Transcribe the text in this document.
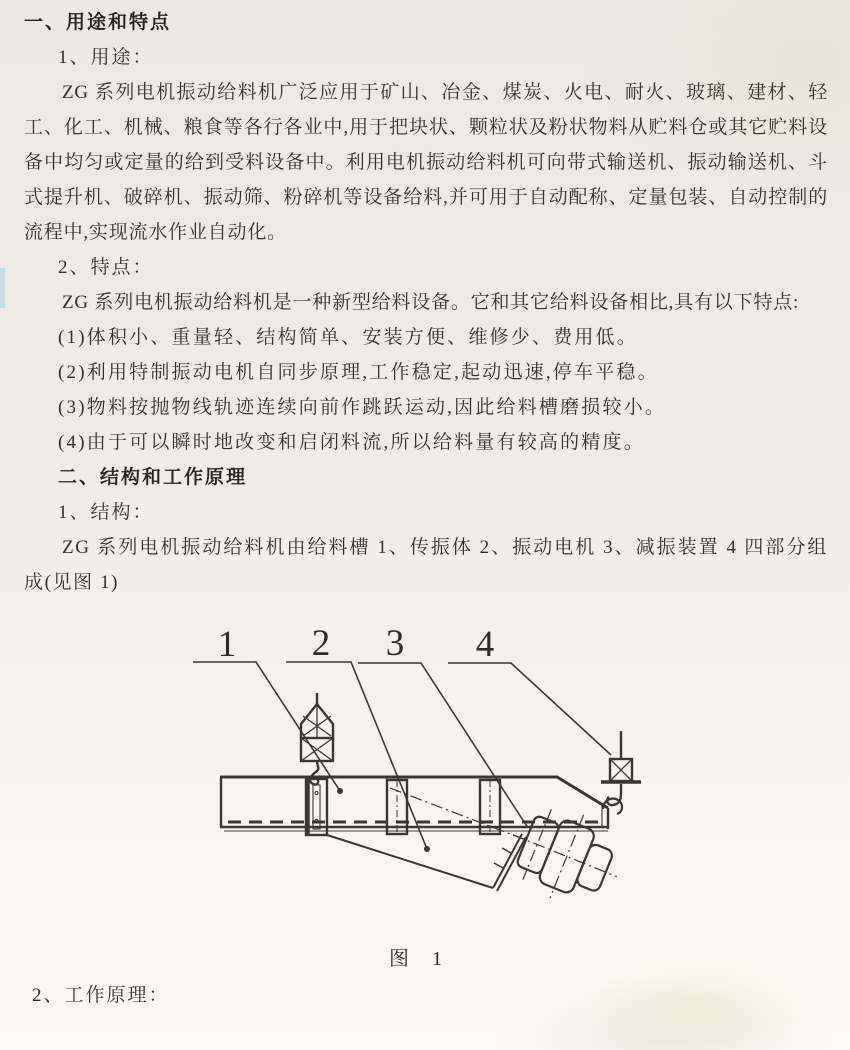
一、用途和特点
1、用途：

ZG 系列电机振动给料机广泛应用于矿山、冶金、煤炭、火电、耐火、玻璃、建材、轻工、化工、机械、粮食等各行各业中,用于把块状、颗粒状及粉状物料从贮料仓或其它贮料设备中均匀或定量的给到受料设备中。利用电机振动给料机可向带式输送机、振动输送机、斗式提升机、破碎机、振动筛、粉碎机等设备给料,并可用于自动配称、定量包装、自动控制的流程中,实现流水作业自动化。

2、特点：

ZG 系列电机振动给料机是一种新型给料设备。它和其它给料设备相比,具有以下特点:

(1)体积小、重量轻、结构简单、安装方便、维修少、费用低。
(2)利用特制振动电机自同步原理,工作稳定,起动迅速,停车平稳。
(3)物料按抛物线轨迹连续向前作跳跃运动,因此给料槽磨损较小。
(4)由于可以瞬时地改变和启闭料流,所以给料量有较高的精度。
二、结构和工作原理
1、结构：

ZG 系列电机振动给料机由给料槽 1、传振体 2、振动电机 3、减振装置 4 四部分组成(见图 1)

1 2 3 4
图 1
2、工作原理：
